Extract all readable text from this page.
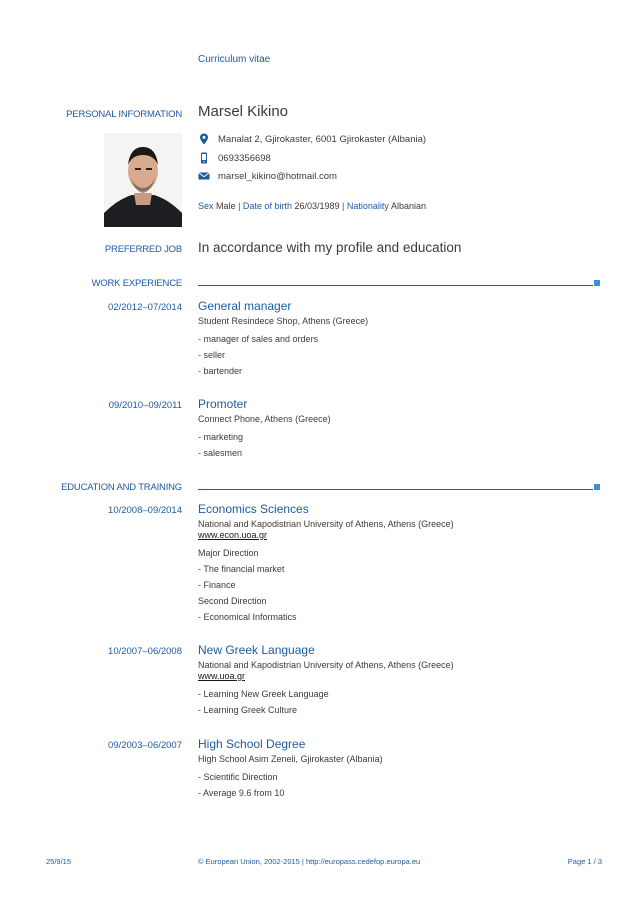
Curriculum vitae
PERSONAL INFORMATION Marsel Kikino
Manalat 2, Gjirokaster, 6001 Gjirokaster (Albania)
0693356698
marsel_kikino@hotmail.com
Sex Male | Date of birth 26/03/1989 | Nationality Albanian
PREFERRED JOB In accordance with my profile and education
WORK EXPERIENCE
02/2012–07/2014 General manager
Student Resindece Shop, Athens (Greece)
- manager of sales and orders
- seller
- bartender
09/2010–09/2011 Promoter
Connect Phone, Athens (Greece)
- marketing
- salesmen
EDUCATION AND TRAINING
10/2008–09/2014 Economics Sciences
National and Kapodistrian University of Athens, Athens (Greece)
www.econ.uoa.gr
Major Direction
- The financial market
- Finance
Second Direction
- Economical Informatics
10/2007–06/2008 New Greek Language
National and Kapodistrian University of Athens, Athens (Greece)
www.uoa.gr
- Learning New Greek Language
- Learning Greek Culture
09/2003–06/2007 High School Degree
High School Asim Zeneli, Gjirokaster (Albania)
- Scientific Direction
- Average 9.6 from 10
25/9/15	© European Union, 2002-2015 | http://europass.cedefop.europa.eu	Page 1 / 3
